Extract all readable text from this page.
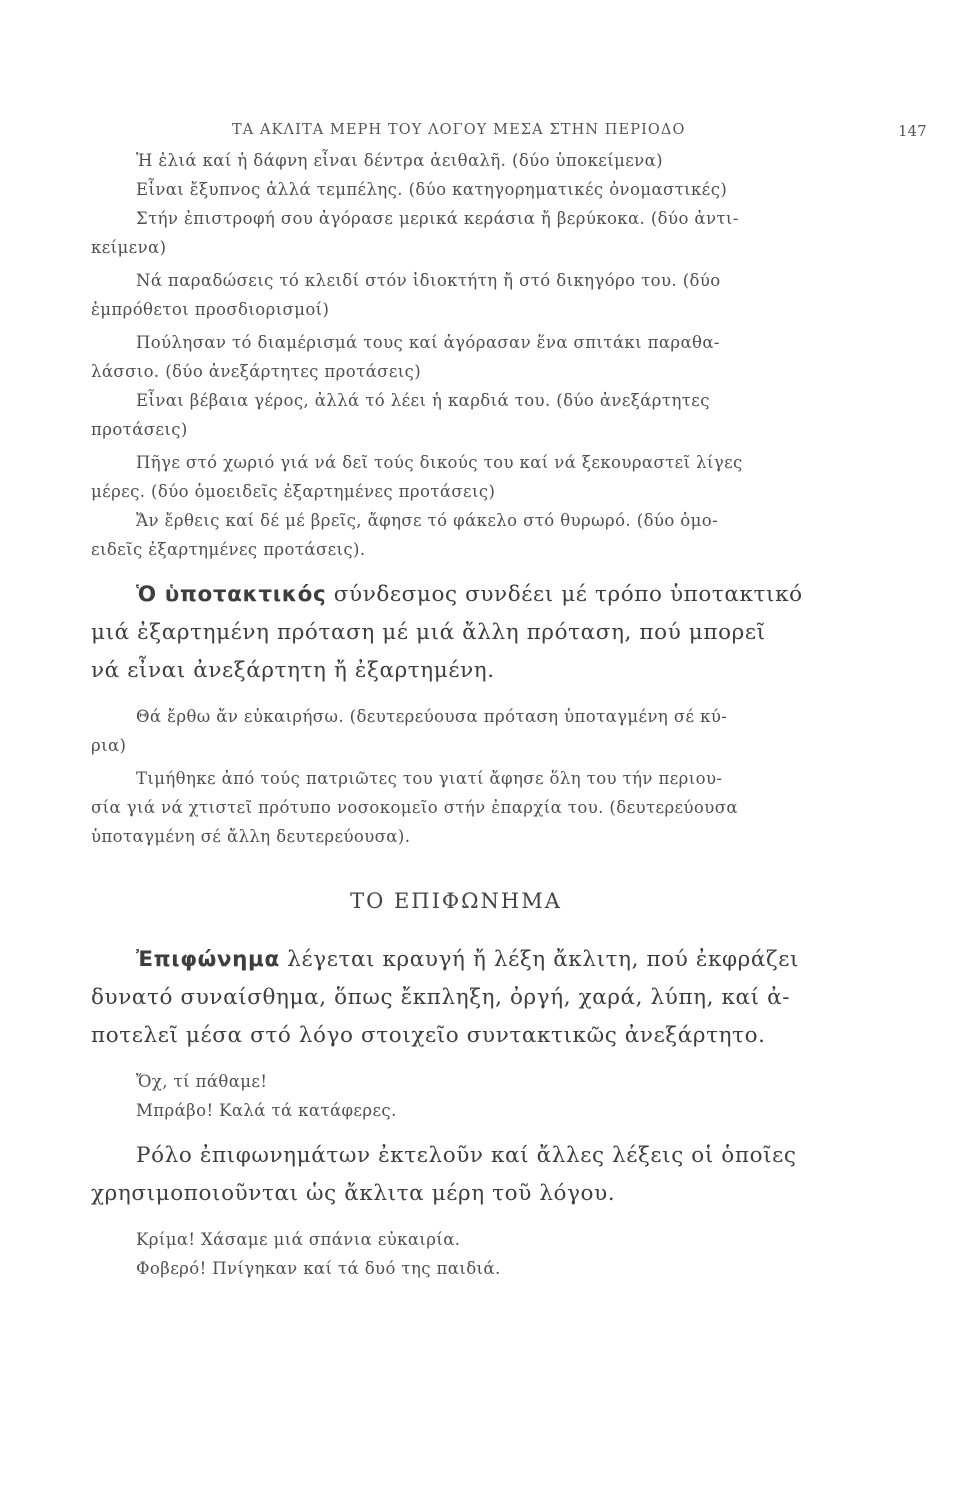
ΤΑ ΑΚΛΙΤΑ ΜΕΡΗ ΤΟΥ ΛΟΓΟΥ ΜΕΣΑ ΣΤΗΝ ΠΕΡΙΟΔΟ	147

Ἡ ἐλιά καί ἡ δάφνη εἶναι δέντρα ἀειθαλῆ. (δύο ὑποκείμενα)

Εἶναι ἔξυπνος ἀλλά τεμπέλης. (δύο κατηγορηματικές ὀνομαστικές)

Στήν ἐπιστροφή σου ἀγόρασε μερικά κεράσια ἤ βερύκοκα. (δύο ἀντι-

κείμενα)

Νά παραδώσεις τό κλειδί στόν ἰδιοκτήτη ἤ στό δικηγόρο του. (δύο

ἐμπρόθετοι προσδιορισμοί)

Πούλησαν τό διαμέρισμά τους καί ἀγόρασαν ἕνα σπιτάκι παραθα-

λάσσιο. (δύο ἀνεξάρτητες προτάσεις)

Εἶναι βέβαια γέρος, ἀλλά τό λέει ἡ καρδιά του. (δύο ἀνεξάρτητες

προτάσεις)

Πῆγε στό χωριό γιά νά δεῖ τούς δικούς του καί νά ξεκουραστεῖ λίγες

μέρες. (δύο ὁμοειδεῖς ἐξαρτημένες προτάσεις)

Ἄν ἔρθεις καί δέ μέ βρεῖς, ἄφησε τό φάκελο στό θυρωρό. (δύο ὁμο-

ειδεῖς ἐξαρτημένες προτάσεις).

Ὁ ὑποτακτικός σύνδεσμος συνδέει μέ τρόπο ὑποτακτικό

μιά ἐξαρτημένη πρόταση μέ μιά ἄλλη πρόταση, πού μπορεῖ

νά εἶναι ἀνεξάρτητη ἤ ἐξαρτημένη.

Θά ἔρθω ἄν εὐκαιρήσω. (δευτερεύουσα πρόταση ὑποταγμένη σέ κύ-

ρια)

Τιμήθηκε ἀπό τούς πατριῶτες του γιατί ἄφησε ὅλη του τήν περιου-

σία γιά νά χτιστεῖ πρότυπο νοσοκομεῖο στήν ἐπαρχία του. (δευτερεύουσα

ὑποταγμένη σέ ἄλλη δευτερεύουσα).

ΤΟ ΕΠΙΦΩΝΗΜΑ

Ἐπιφώνημα λέγεται κραυγή ἤ λέξη ἄκλιτη, πού ἐκφράζει

δυνατό συναίσθημα, ὅπως ἔκπληξη, ὀργή, χαρά, λύπη, καί ἀ-

ποτελεῖ μέσα στό λόγο στοιχεῖο συντακτικῶς ἀνεξάρτητο.

Ὄχ, τί πάθαμε!

Μπράβο! Καλά τά κατάφερες.

Ρόλο ἐπιφωνημάτων ἐκτελοῦν καί ἄλλες λέξεις οἱ ὁποῖες

χρησιμοποιοῦνται ὡς ἄκλιτα μέρη τοῦ λόγου.

Κρίμα! Χάσαμε μιά σπάνια εὐκαιρία.

Φοβερό! Πνίγηκαν καί τά δυό της παιδιά.
